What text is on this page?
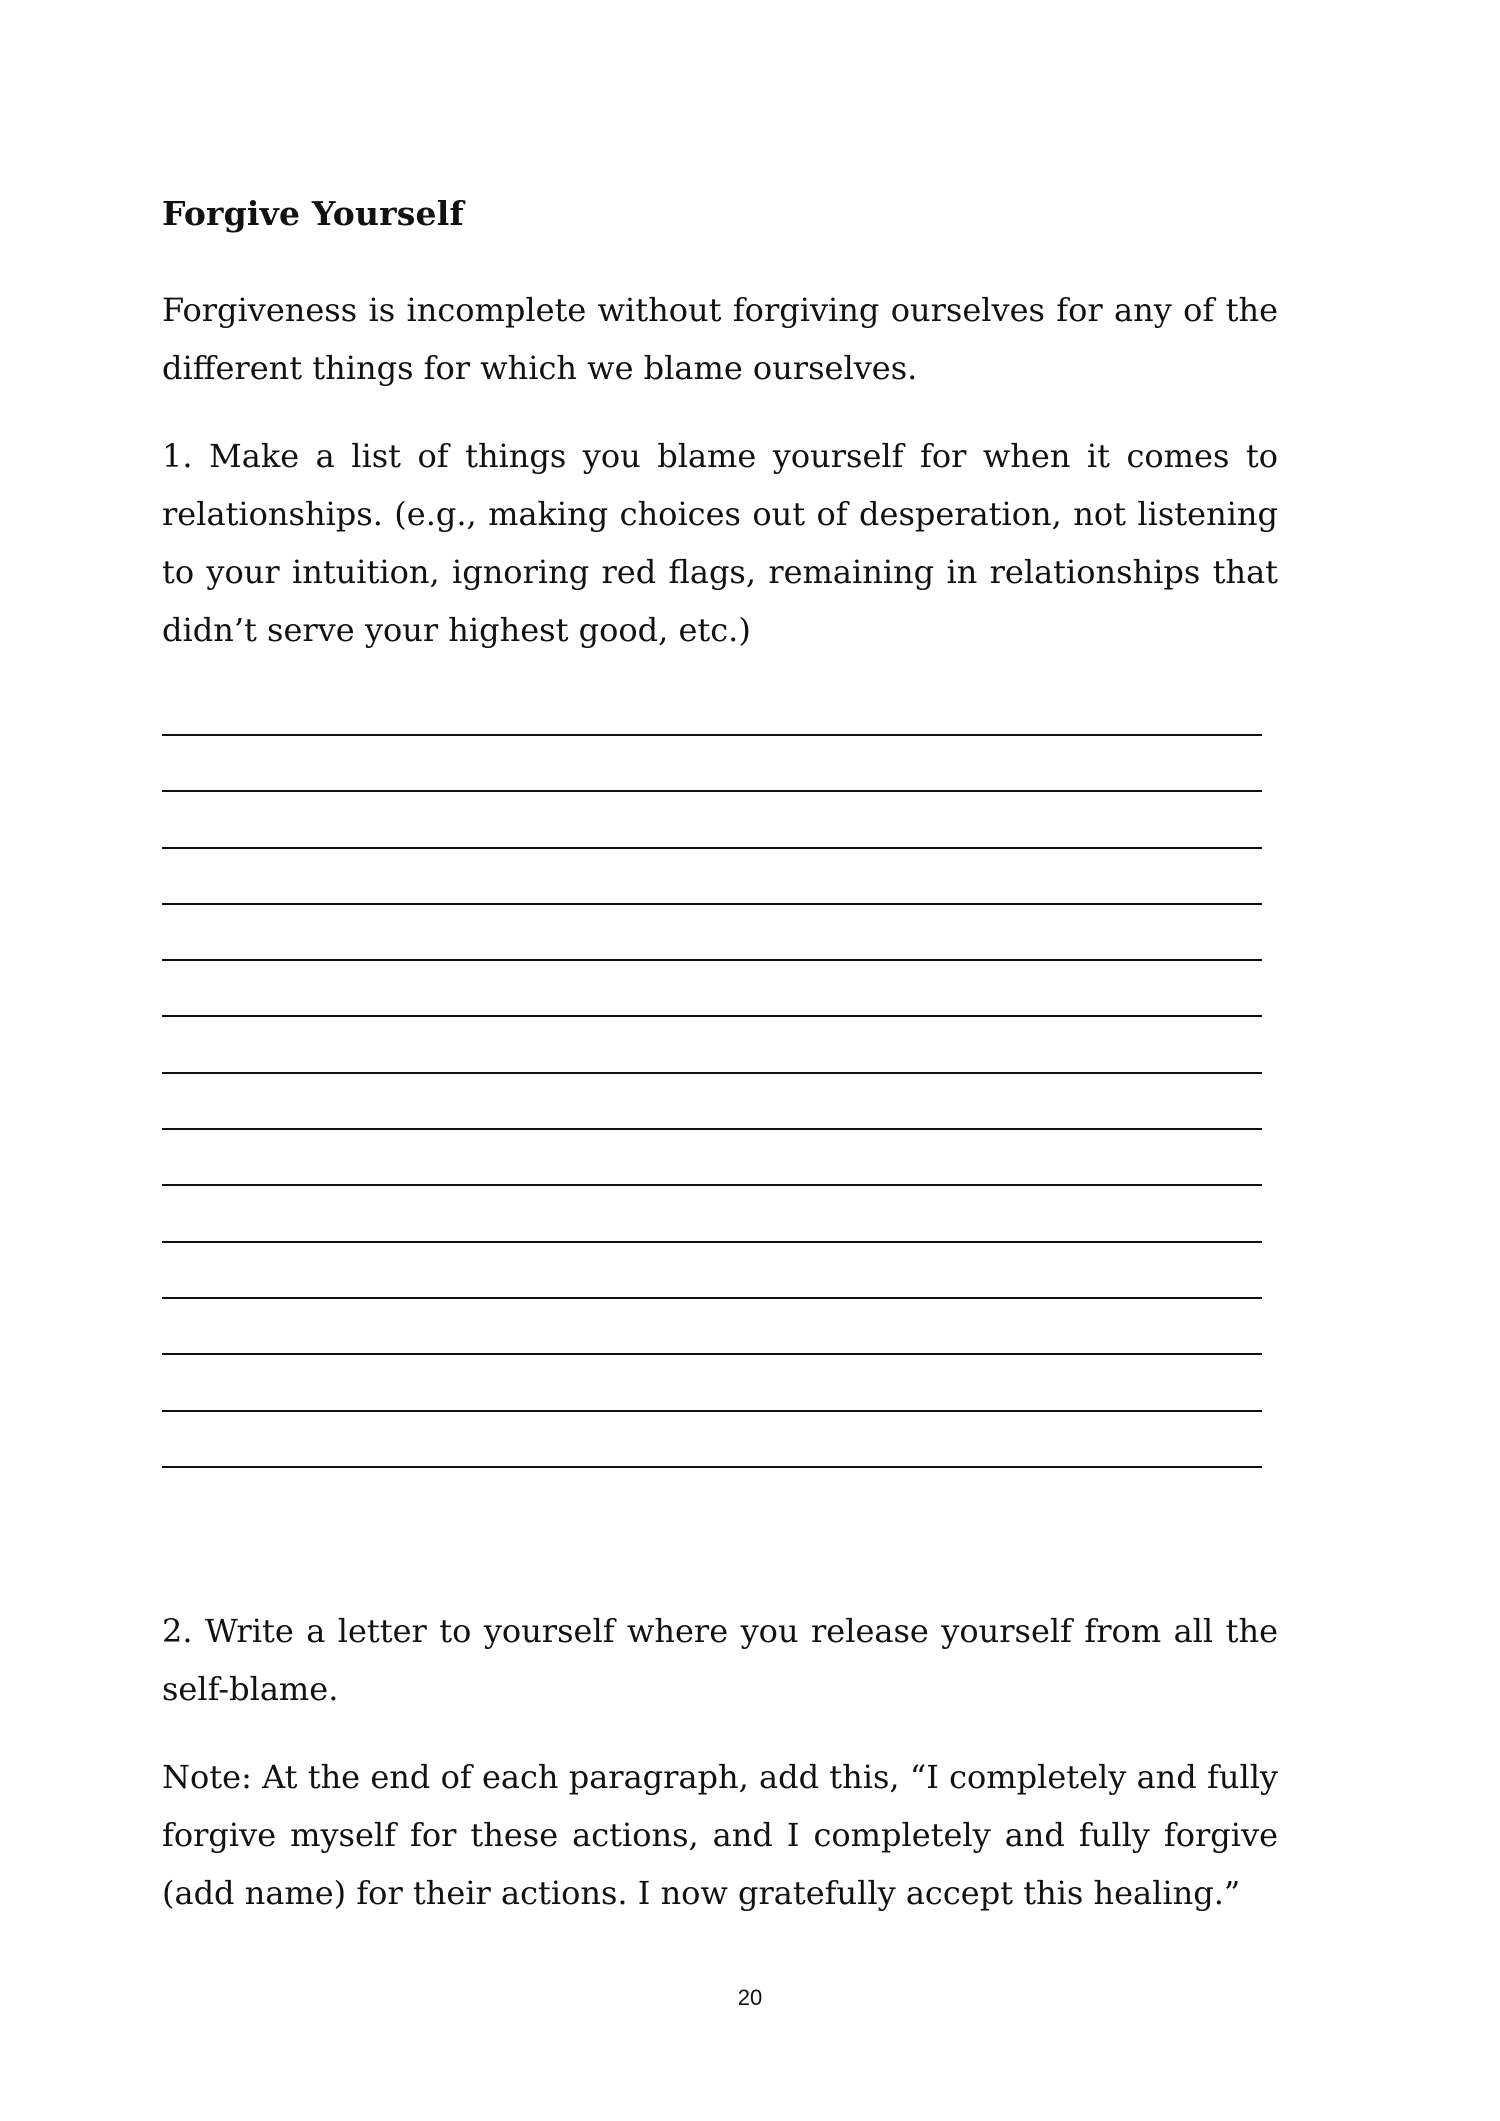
Forgive Yourself

Forgiveness is incomplete without forgiving ourselves for any of the different things for which we blame ourselves.

1. Make a list of things you blame yourself for when it comes to relationships. (e.g., making choices out of desperation, not listening to your intuition, ignoring red flags, remaining in relationships that didn’t serve your highest good, etc.)

2. Write a letter to yourself where you release yourself from all the self-blame.

Note: At the end of each paragraph, add this, “I completely and fully forgive myself for these actions, and I completely and fully forgive (add name) for their actions. I now gratefully accept this healing.”

20
